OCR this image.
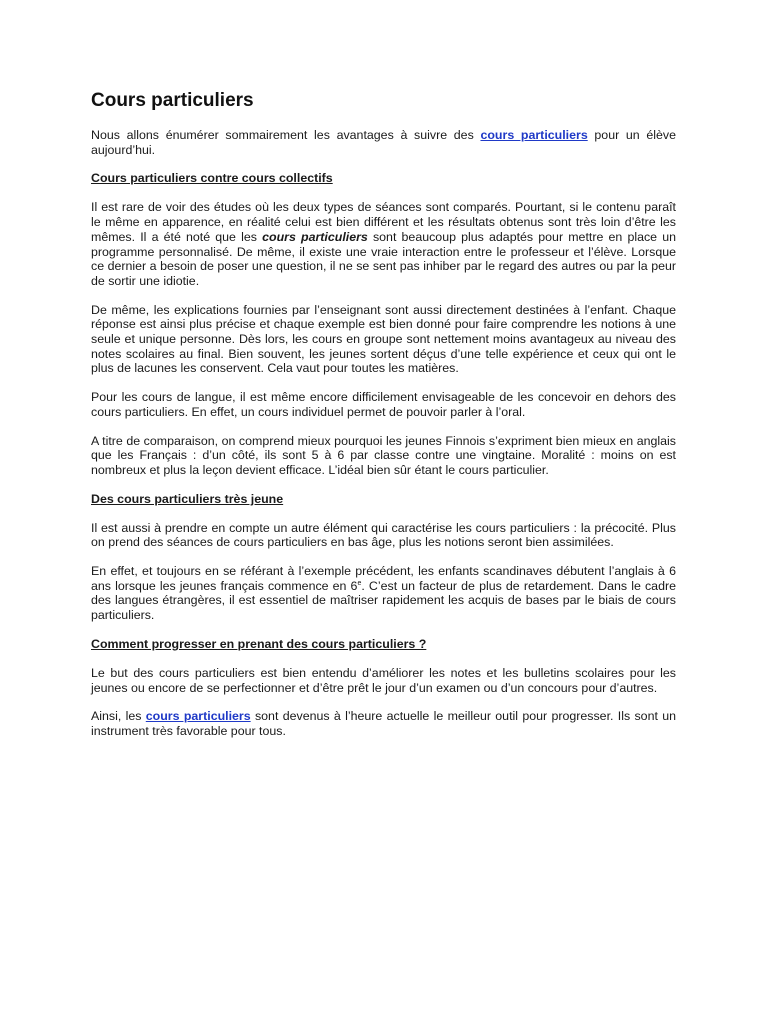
Cours particuliers

Nous allons énumérer sommairement les avantages à suivre des cours particuliers pour un élève aujourd’hui.

Cours particuliers contre cours collectifs

Il est rare de voir des études où les deux types de séances sont comparés. Pourtant, si le contenu paraît le même en apparence, en réalité celui est bien différent et les résultats obtenus sont très loin d’être les mêmes. Il a été noté que les cours particuliers sont beaucoup plus adaptés pour mettre en place un programme personnalisé. De même, il existe une vraie interaction entre le professeur et l’élève. Lorsque ce dernier a besoin de poser une question, il ne se sent pas inhiber par le regard des autres ou par la peur de sortir une idiotie.

De même, les explications fournies par l’enseignant sont aussi directement destinées à l’enfant. Chaque réponse est ainsi plus précise et chaque exemple est bien donné pour faire comprendre les notions à une seule et unique personne. Dès lors, les cours en groupe sont nettement moins avantageux au niveau des notes scolaires au final. Bien souvent, les jeunes sortent déçus d’une telle expérience et ceux qui ont le plus de lacunes les conservent. Cela vaut pour toutes les matières.

Pour les cours de langue, il est même encore difficilement envisageable de les concevoir en dehors des cours particuliers. En effet, un cours individuel permet de pouvoir parler à l’oral.

A titre de comparaison, on comprend mieux pourquoi les jeunes Finnois s’expriment bien mieux en anglais que les Français : d’un côté, ils sont 5 à 6 par classe contre une vingtaine. Moralité : moins on est nombreux et plus la leçon devient efficace. L’idéal bien sûr étant le cours particulier.

Des cours particuliers très jeune

Il est aussi à prendre en compte un autre élément qui caractérise les cours particuliers : la précocité. Plus on prend des séances de cours particuliers en bas âge, plus les notions seront bien assimilées.

En effet, et toujours en se référant à l’exemple précédent, les enfants scandinaves débutent l’anglais à 6 ans lorsque les jeunes français commence en 6e. C’est un facteur de plus de retardement. Dans le cadre des langues étrangères, il est essentiel de maîtriser rapidement les acquis de bases par le biais de cours particuliers.

Comment progresser en prenant des cours particuliers ?

Le but des cours particuliers est bien entendu d’améliorer les notes et les bulletins scolaires pour les jeunes ou encore de se perfectionner et d’être prêt le jour d’un examen ou d’un concours pour d’autres.

Ainsi, les cours particuliers sont devenus à l’heure actuelle le meilleur outil pour progresser. Ils sont un instrument très favorable pour tous.
